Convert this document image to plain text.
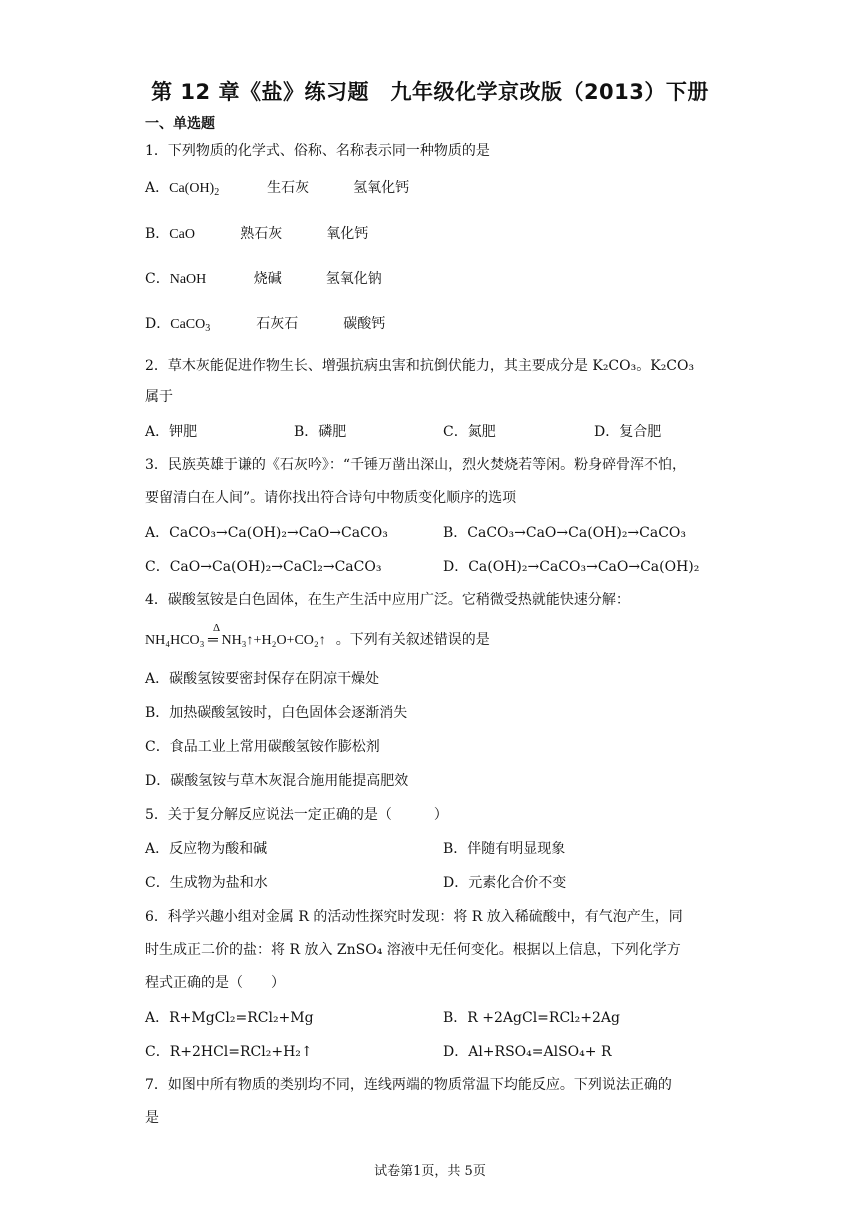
第 12 章《盐》练习题　九年级化学京改版（2013）下册
一、单选题
1．下列物质的化学式、俗称、名称表示同一种物质的是
A．$Ca(OH)_2$	生石灰	氢氧化钙
B．CaO	熟石灰	氧化钙
C．NaOH	烧碱	氢氧化钠
D．CaCO$_3$	石灰石	碳酸钙
2．草木灰能促进作物生长、增强抗病虫害和抗倒伏能力，其主要成分是 K₂CO₃。K₂CO₃
属于
A．钾肥	B．磷肥	C．氮肥	D．复合肥
3．民族英雄于谦的《石灰吟》：“千锤万凿出深山，烈火焚烧若等闲。粉身碎骨浑不怕，
要留清白在人间”。请你找出符合诗句中物质变化顺序的选项
A．CaCO₃→Ca(OH)₂→CaO→CaCO₃	B．CaCO₃→CaO→Ca(OH)₂→CaCO₃
C．CaO→Ca(OH)₂→CaCl₂→CaCO₃	D．Ca(OH)₂→CaCO₃→CaO→Ca(OH)₂
4．碳酸氢铵是白色固体，在生产生活中应用广泛。它稍微受热就能快速分解：
Δ
NH₄HCO₃ ═ NH₃↑+H₂O+CO₂↑ 。下列有关叙述错误的是
A．碳酸氢铵要密封保存在阴凉干燥处
B．加热碳酸氢铵时，白色固体会逐渐消失
C．食品工业上常用碳酸氢铵作膨松剂
D．碳酸氢铵与草木灰混合施用能提高肥效
5．关于复分解反应说法一定正确的是（　　　）
A．反应物为酸和碱	B．伴随有明显现象
C．生成物为盐和水	D．元素化合价不变
6．科学兴趣小组对金属 R 的活动性探究时发现：将 R 放入稀硫酸中，有气泡产生，同
时生成正二价的盐：将 R 放入 ZnSO₄ 溶液中无任何变化。根据以上信息，下列化学方
程式正确的是（　　）
A．R+MgCl₂=RCl₂+Mg	B．R +2AgCl=RCl₂+2Ag
C．R+2HCl=RCl₂+H₂↑	D．Al+RSO₄=AlSO₄+ R
7．如图中所有物质的类别均不同，连线两端的物质常温下均能反应。下列说法正确的
是
试卷第1页，共 5页
